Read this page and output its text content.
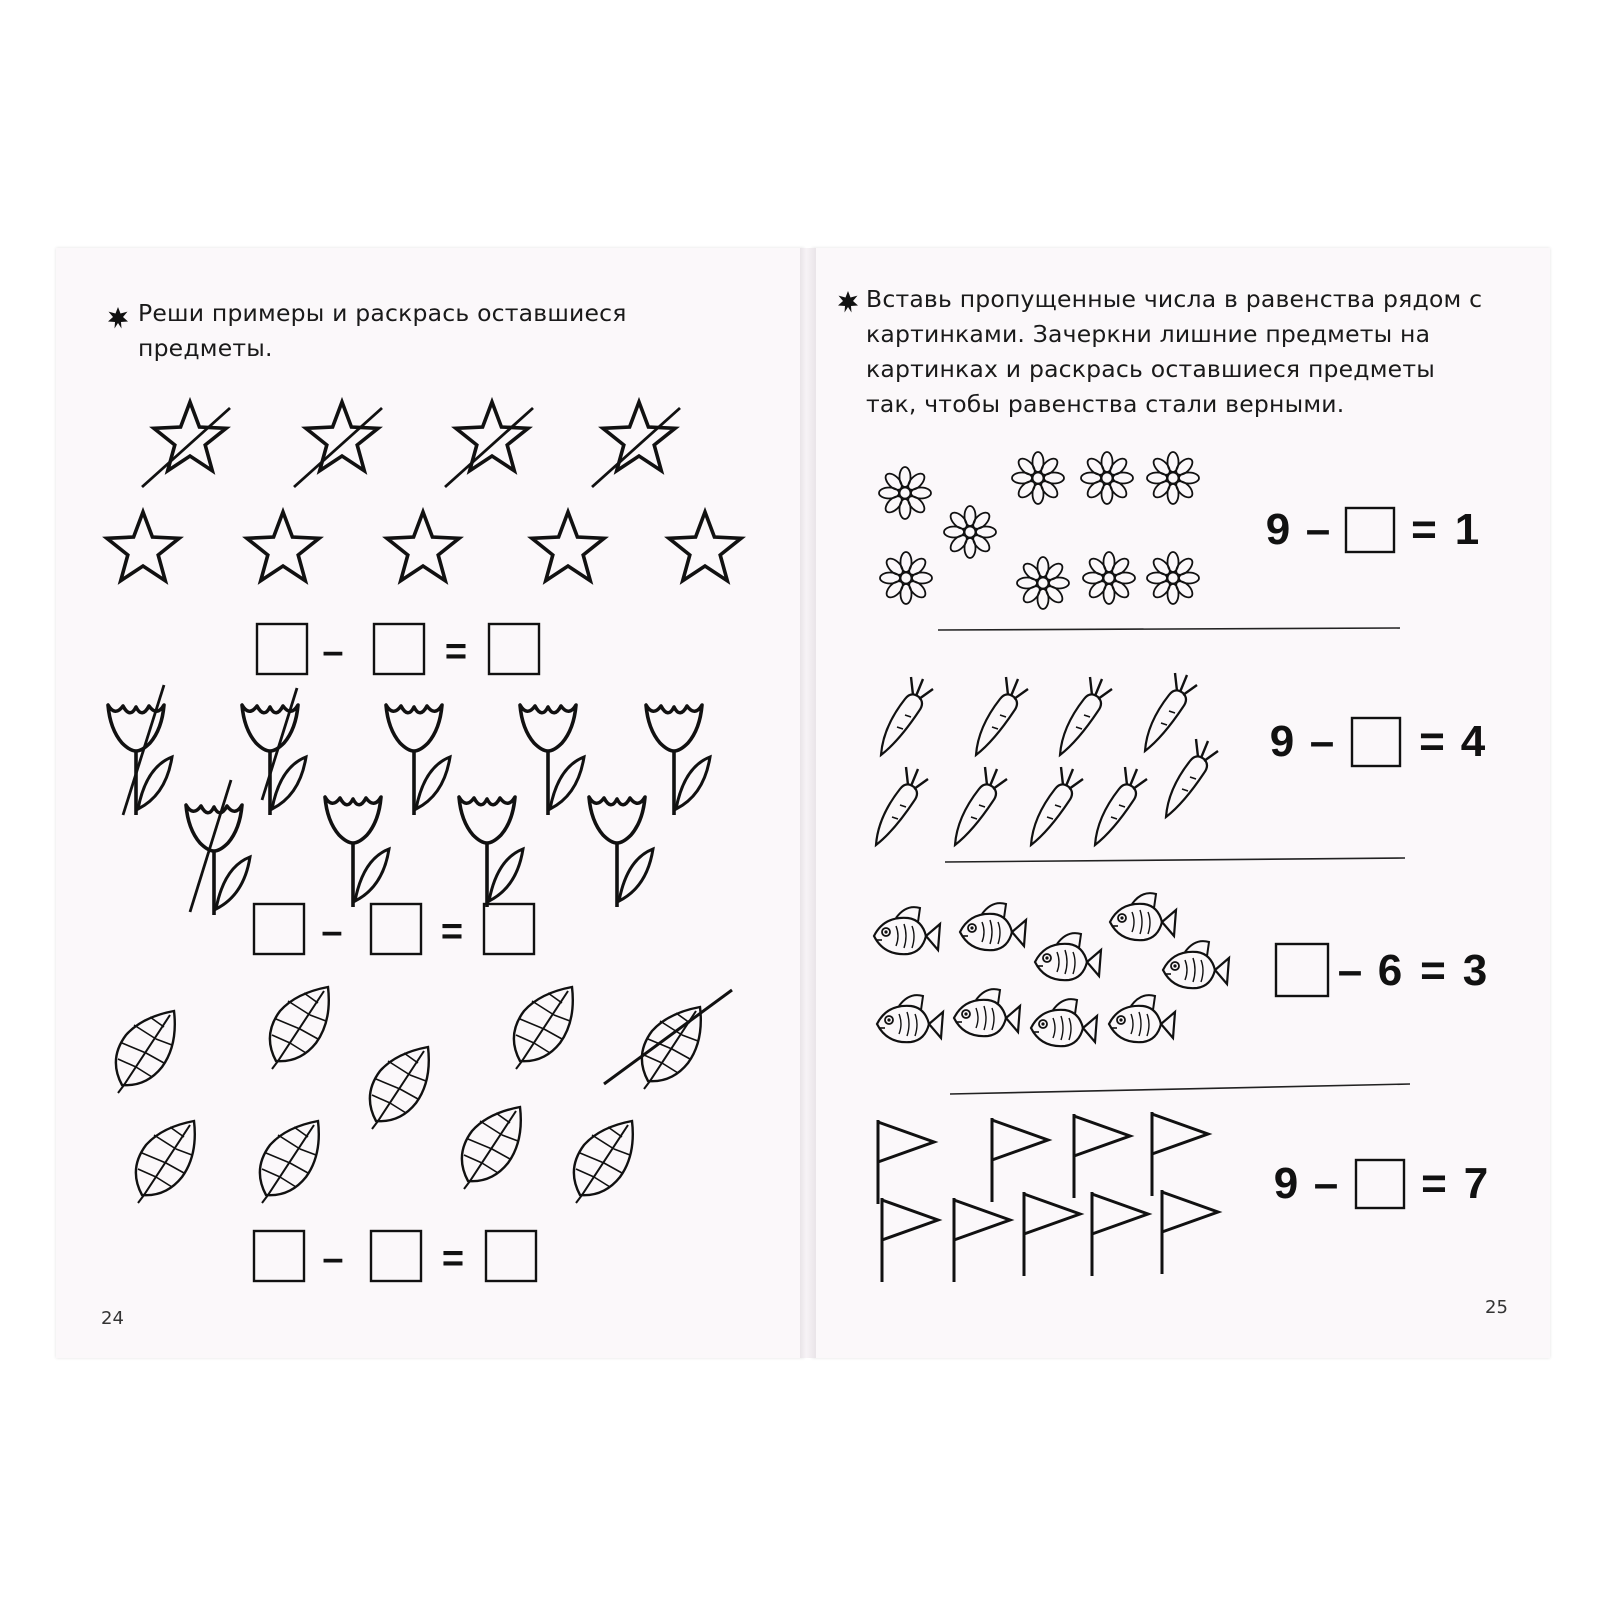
Реши примеры и раскрась оставшиеся предметы.

Вставь пропущенные числа в равенства рядом с картинками. Зачеркни лишние предметы на картинках и раскрась оставшиеся предметы так, чтобы равенства стали верными.

24
25
–	=
–	=
–	=
9 – = 1
9 – = 4
– 6 = 3
9 – = 7
